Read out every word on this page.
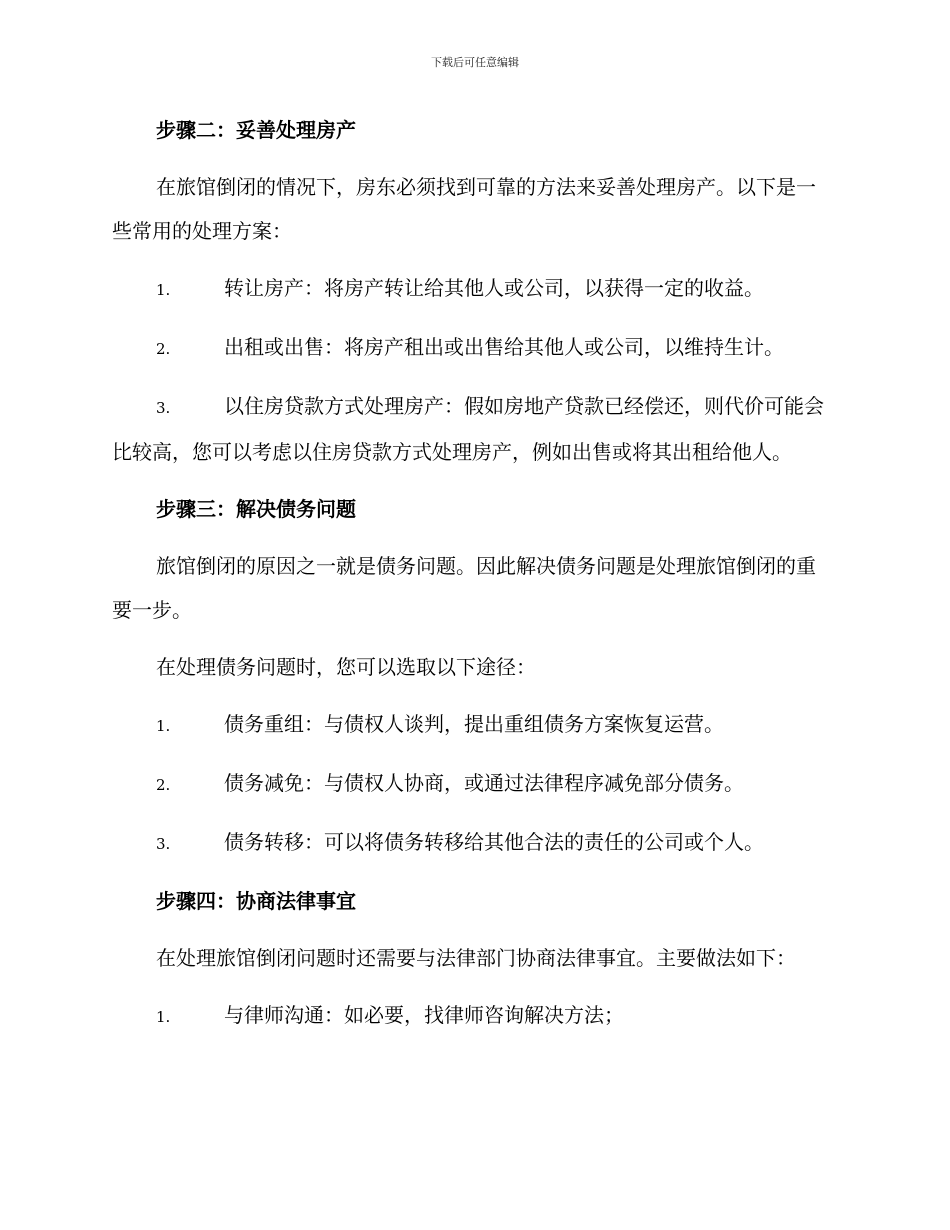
下载后可任意编辑
步骤二：妥善处理房产
在旅馆倒闭的情况下，房东必须找到可靠的方法来妥善处理房产。以下是一些常用的处理方案：
1.	转让房产：将房产转让给其他人或公司，以获得一定的收益。
2.	出租或出售：将房产租出或出售给其他人或公司，以维持生计。
3.	以住房贷款方式处理房产：假如房地产贷款已经偿还，则代价可能会比较高，您可以考虑以住房贷款方式处理房产，例如出售或将其出租给他人。
步骤三：解决债务问题
旅馆倒闭的原因之一就是债务问题。因此解决债务问题是处理旅馆倒闭的重要一步。
在处理债务问题时，您可以选取以下途径：
1.	债务重组：与债权人谈判，提出重组债务方案恢复运营。
2.	债务减免：与债权人协商，或通过法律程序减免部分债务。
3.	债务转移：可以将债务转移给其他合法的责任的公司或个人。
步骤四：协商法律事宜
在处理旅馆倒闭问题时还需要与法律部门协商法律事宜。主要做法如下：
1.	与律师沟通：如必要，找律师咨询解决方法；
